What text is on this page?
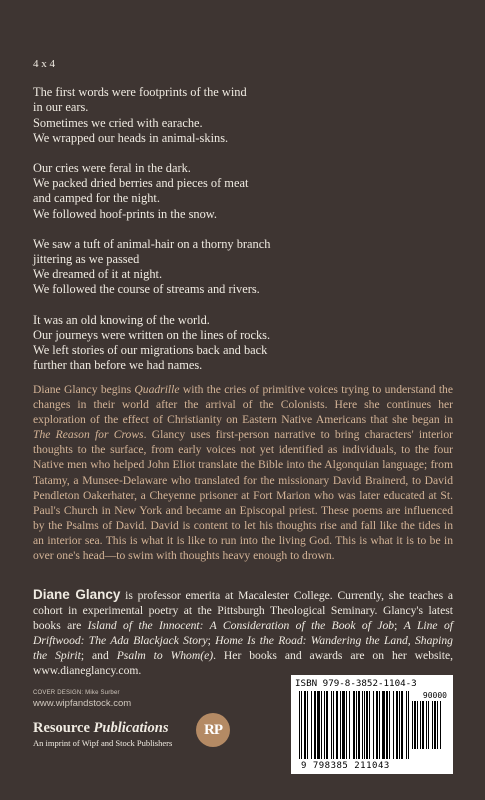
4 x 4
The first words were footprints of the wind
in our ears.
Sometimes we cried with earache.
We wrapped our heads in animal-skins.
Our cries were feral in the dark.
We packed dried berries and pieces of meat
and camped for the night.
We followed hoof-prints in the snow.
We saw a tuft of animal-hair on a thorny branch
jittering as we passed
We dreamed of it at night.
We followed the course of streams and rivers.
It was an old knowing of the world.
Our journeys were written on the lines of rocks.
We left stories of our migrations back and back
further than before we had names.
Diane Glancy begins Quadrille with the cries of primitive voices trying to understand the changes in their world after the arrival of the Colonists. Here she continues her exploration of the effect of Christianity on Eastern Native Americans that she began in The Reason for Crows. Glancy uses first-person narrative to bring characters' interior thoughts to the surface, from early voices not yet identified as individuals, to the four Native men who helped John Eliot translate the Bible into the Algonquian language; from Tatamy, a Munsee-Delaware who translated for the missionary David Brainerd, to David Pendleton Oakerhater, a Cheyenne prisoner at Fort Marion who was later educated at St. Paul's Church in New York and became an Episcopal priest. These poems are influenced by the Psalms of David. David is content to let his thoughts rise and fall like the tides in an interior sea. This is what it is like to run into the living God. This is what it is to be in over one's head—to swim with thoughts heavy enough to drown.
Diane Glancy is professor emerita at Macalester College. Currently, she teaches a cohort in experimental poetry at the Pittsburgh Theological Seminary. Glancy's latest books are Island of the Innocent: A Consideration of the Book of Job; A Line of Driftwood: The Ada Blackjack Story; Home Is the Road: Wandering the Land, Shaping the Spirit; and Psalm to Whom(e). Her books and awards are on her website, www.dianeglancy.com.
COVER DESIGN: Mike Surber
www.wipfandstock.com
Resource Publications
An imprint of Wipf and Stock Publishers
RP
ISBN 979-8-3852-1104-3
90000
9 798385 211043
